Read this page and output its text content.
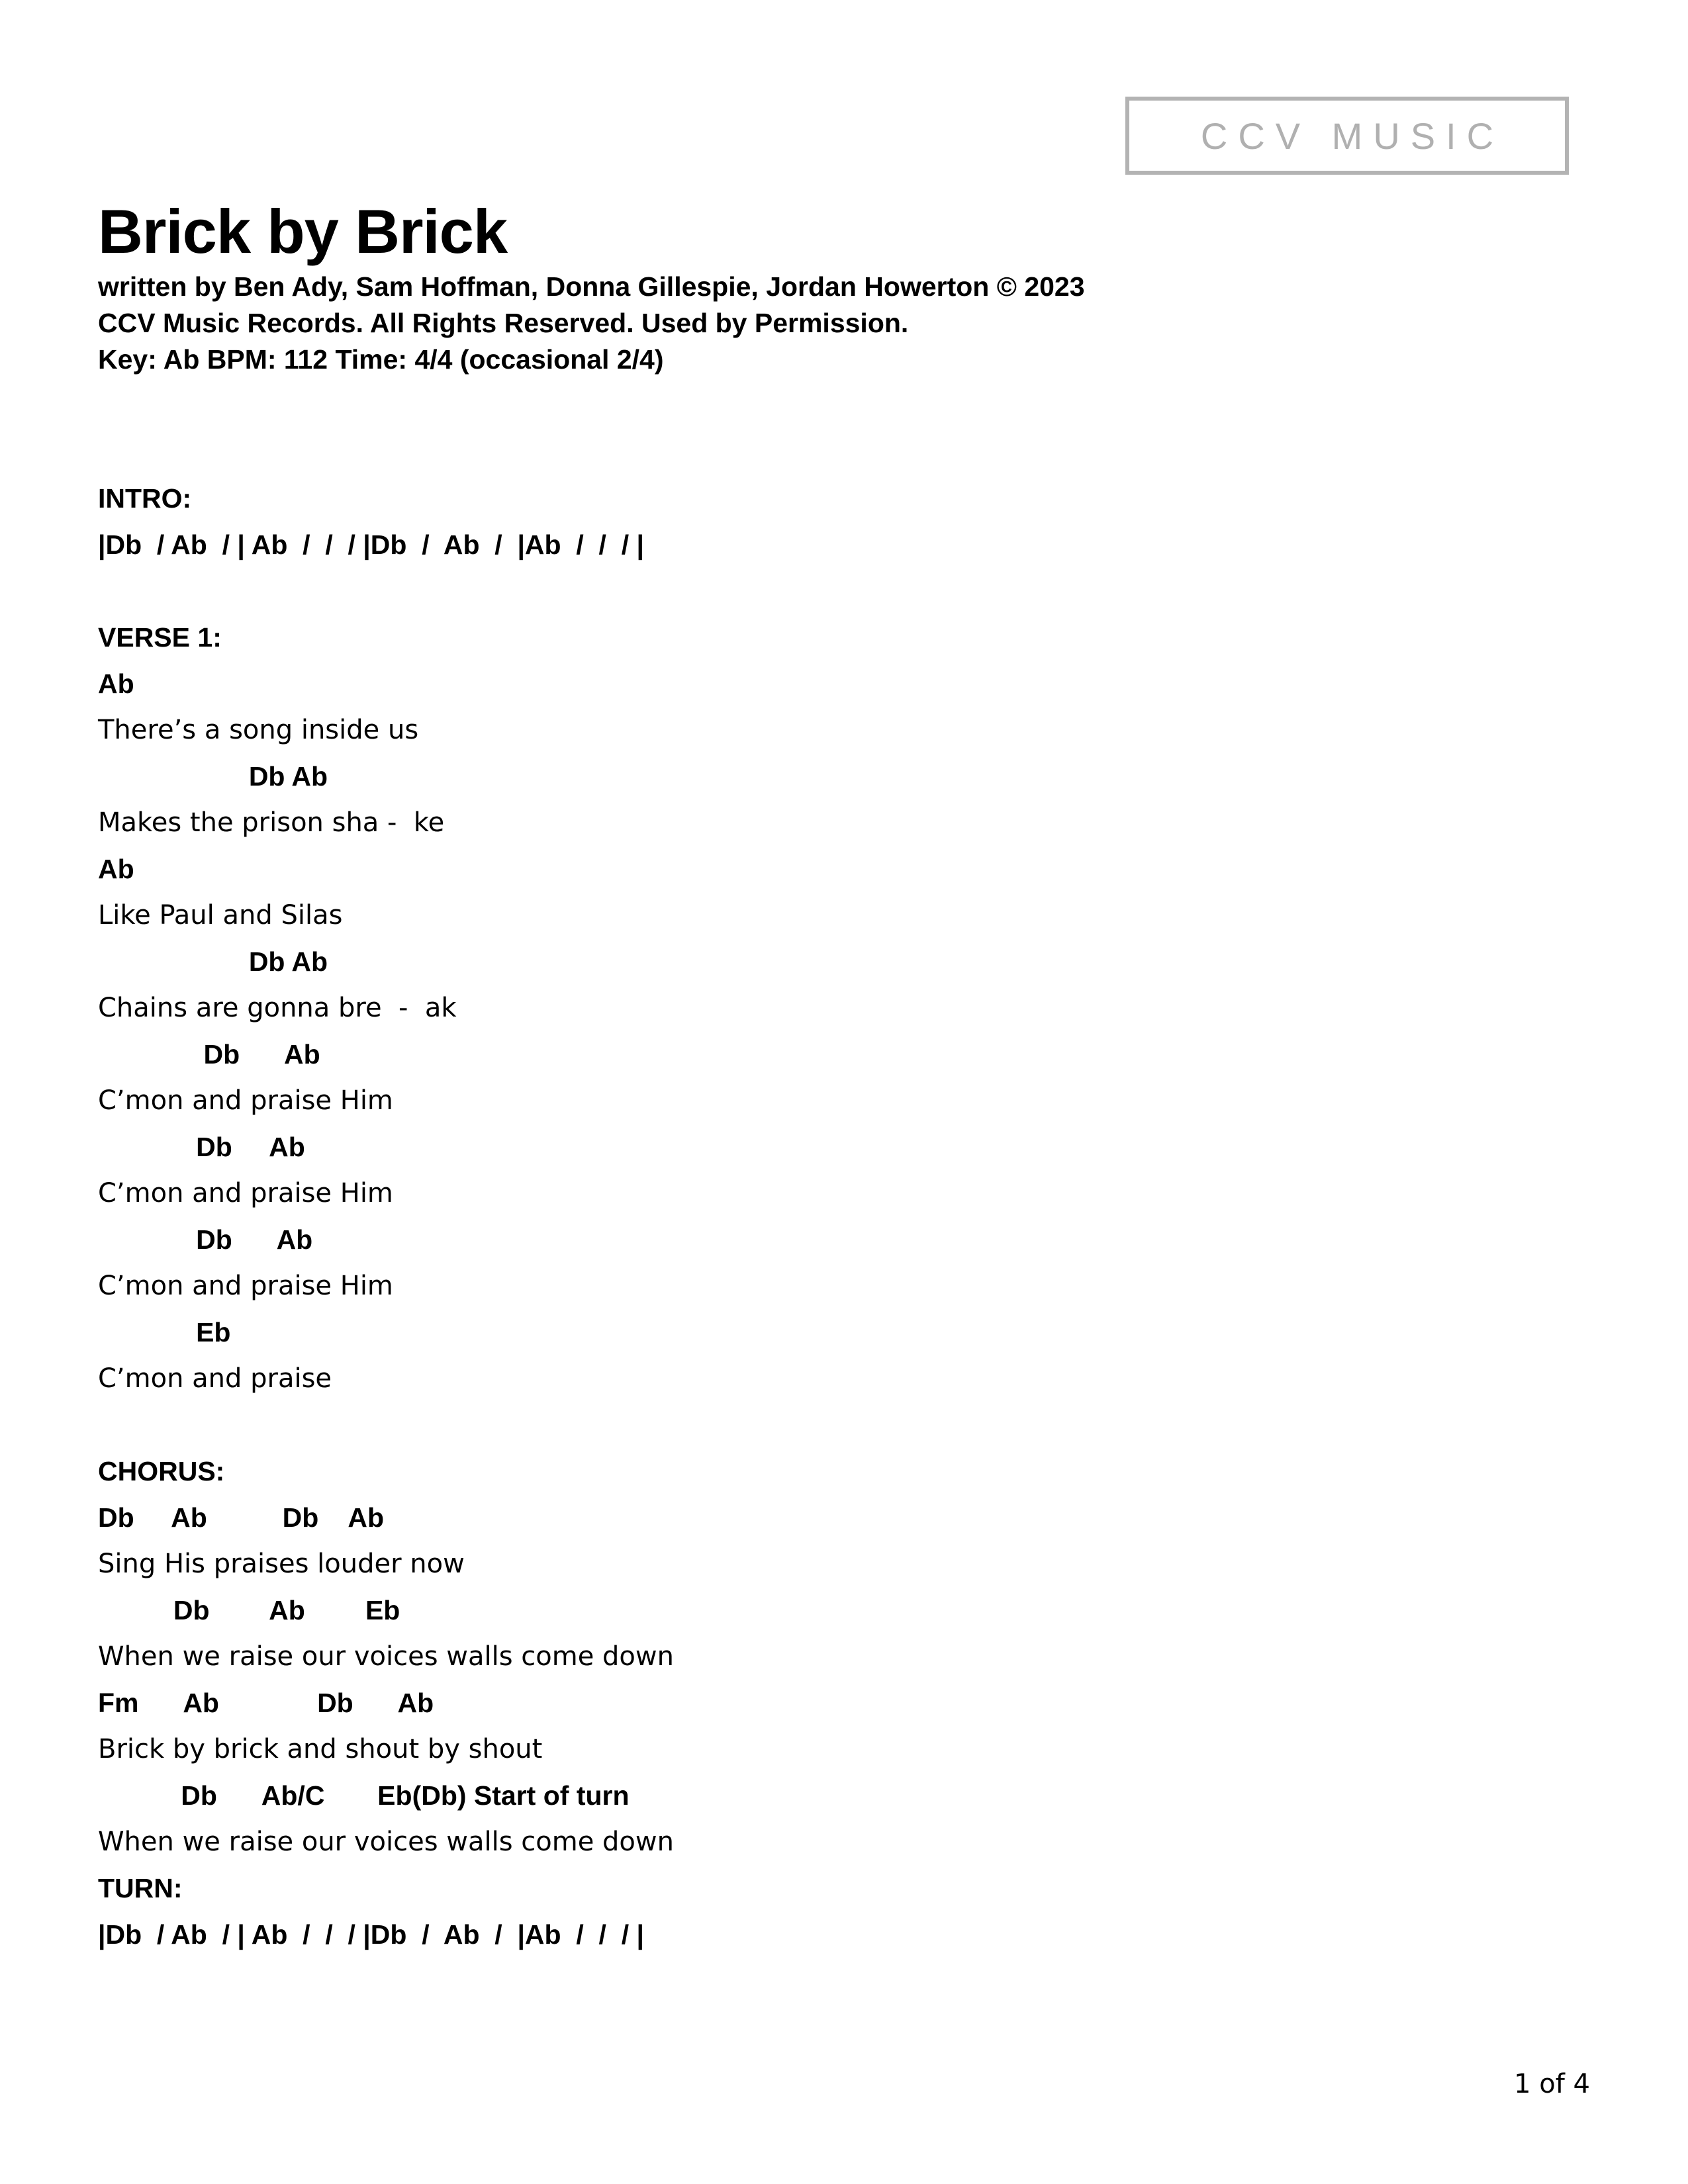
CCV MUSIC
Brick by Brick
written by Ben Ady, Sam Hoffman, Donna Gillespie, Jordan Howerton © 2023
CCV Music Records. All Rights Reserved. Used by Permission.
Key: Ab BPM: 112 Time: 4/4 (occasional 2/4)
INTRO:
|Db  / Ab  / | Ab  /  /  / |Db  /  Ab  /  |Ab  /  /  / |
VERSE 1:
Ab
There’s a song inside us
Db Ab
Makes the prison sha -  ke
Ab
Like Paul and Silas
Db Ab
Chains are gonna bre  -  ak
Db      Ab
C’mon and praise Him
Db     Ab
C’mon and praise Him
Db      Ab
C’mon and praise Him
Eb
C’mon and praise
CHORUS:
Db     Ab          Db    Ab
Sing His praises louder now
Db        Ab        Eb
When we raise our voices walls come down
Fm      Ab             Db      Ab
Brick by brick and shout by shout
Db      Ab/C       Eb(Db) Start of turn
When we raise our voices walls come down
TURN:
|Db  / Ab  / | Ab  /  /  / |Db  /  Ab  /  |Ab  /  /  / |
1 of 4
